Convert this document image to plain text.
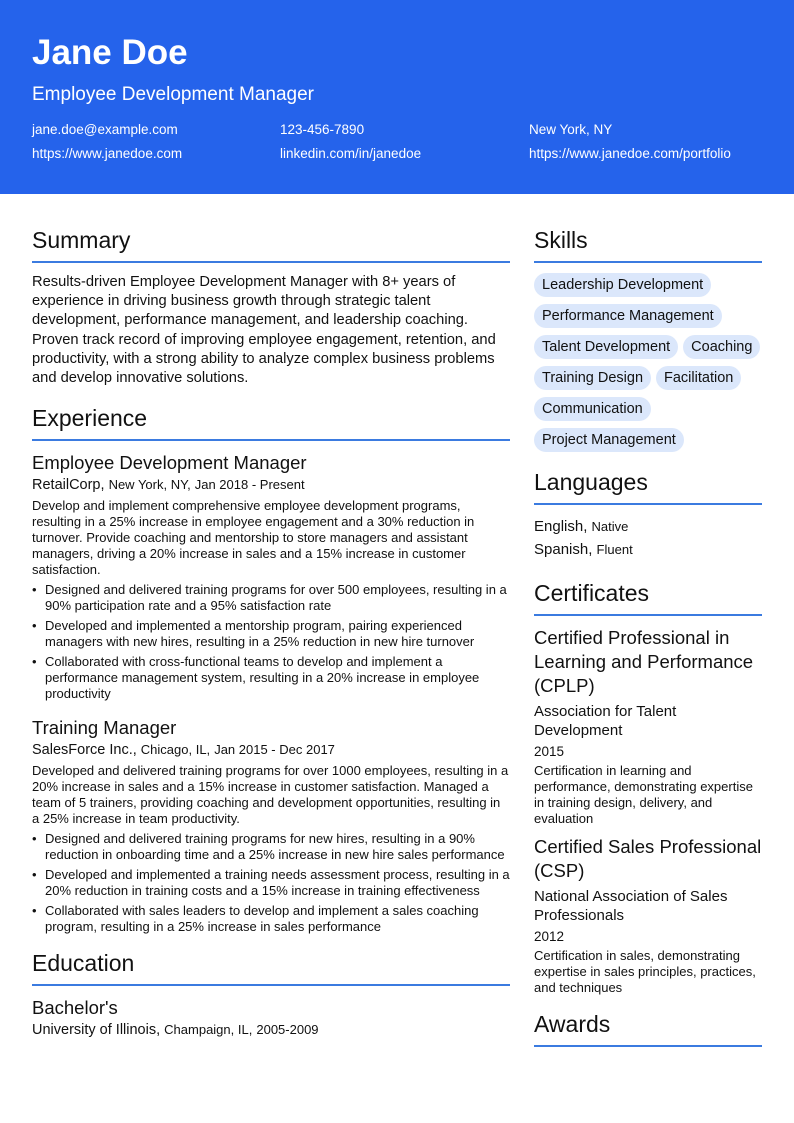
Jane Doe
Employee Development Manager
jane.doe@example.com	123-456-7890	New York, NY
https://www.janedoe.com	linkedin.com/in/janedoe	https://www.janedoe.com/portfolio
Summary

Results-driven Employee Development Manager with 8+ years of experience in driving business growth through strategic talent development, performance management, and leadership coaching. Proven track record of improving employee engagement, retention, and productivity, with a strong ability to analyze complex business problems and develop innovative solutions.

Experience
Employee Development Manager
RetailCorp, New York, NY, Jan 2018 - Present

Develop and implement comprehensive employee development programs, resulting in a 25% increase in employee engagement and a 30% reduction in turnover. Provide coaching and mentorship to store managers and assistant managers, driving a 20% increase in sales and a 15% increase in customer satisfaction.

• Designed and delivered training programs for over 500 employees, resulting in a 90% participation rate and a 95% satisfaction rate
• Developed and implemented a mentorship program, pairing experienced managers with new hires, resulting in a 25% reduction in new hire turnover
• Collaborated with cross-functional teams to develop and implement a performance management system, resulting in a 20% increase in employee productivity
Training Manager
SalesForce Inc., Chicago, IL, Jan 2015 - Dec 2017

Developed and delivered training programs for over 1000 employees, resulting in a 20% increase in sales and a 15% increase in customer satisfaction. Managed a team of 5 trainers, providing coaching and development opportunities, resulting in a 25% increase in team productivity.

• Designed and delivered training programs for new hires, resulting in a 90% reduction in onboarding time and a 25% increase in new hire sales performance
• Developed and implemented a training needs assessment process, resulting in a 20% reduction in training costs and a 15% increase in training effectiveness
• Collaborated with sales leaders to develop and implement a sales coaching program, resulting in a 25% increase in sales performance
Education
Bachelor's
University of Illinois, Champaign, IL, 2005-2009
Skills
Leadership Development
Performance Management
Talent Development	Coaching
Training Design	Facilitation
Communication
Project Management
Languages
English, Native
Spanish, Fluent
Certificates
Certified Professional in Learning and Performance (CPLP)
Association for Talent Development
2015
Certification in learning and performance, demonstrating expertise in training design, delivery, and evaluation
Certified Sales Professional (CSP)
National Association of Sales Professionals
2012
Certification in sales, demonstrating expertise in sales principles, practices, and techniques
Awards
